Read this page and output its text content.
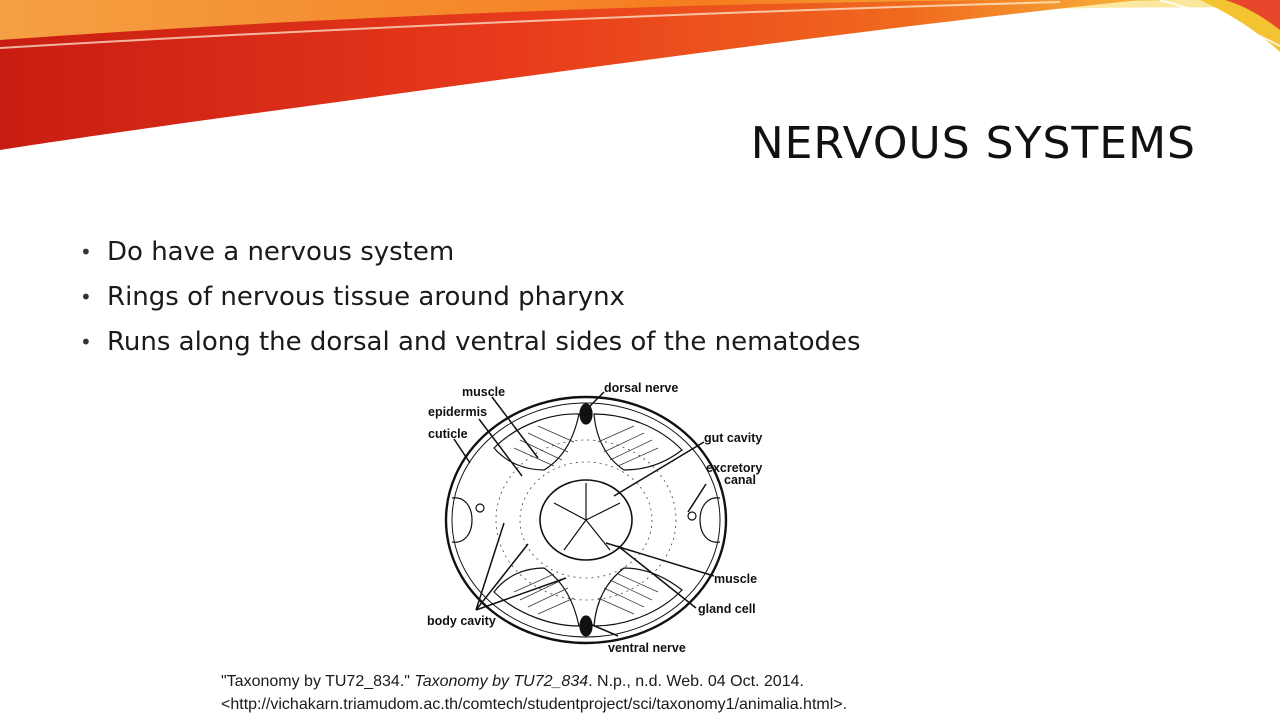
NERVOUS SYSTEMS
• Do have a nervous system
• Rings of nervous tissue around pharynx
• Runs along the dorsal and ventral sides of the nematodes
muscle	dorsal nerve
epidermis
cuticle	gut cavity
excretory
canal
muscle
gland cell
body cavity
ventral nerve
"Taxonomy by TU72_834." Taxonomy by TU72_834. N.p., n.d. Web. 04 Oct. 2014.
<http://vichakarn.triamudom.ac.th/comtech/studentproject/sci/taxonomy1/animalia.html>.
